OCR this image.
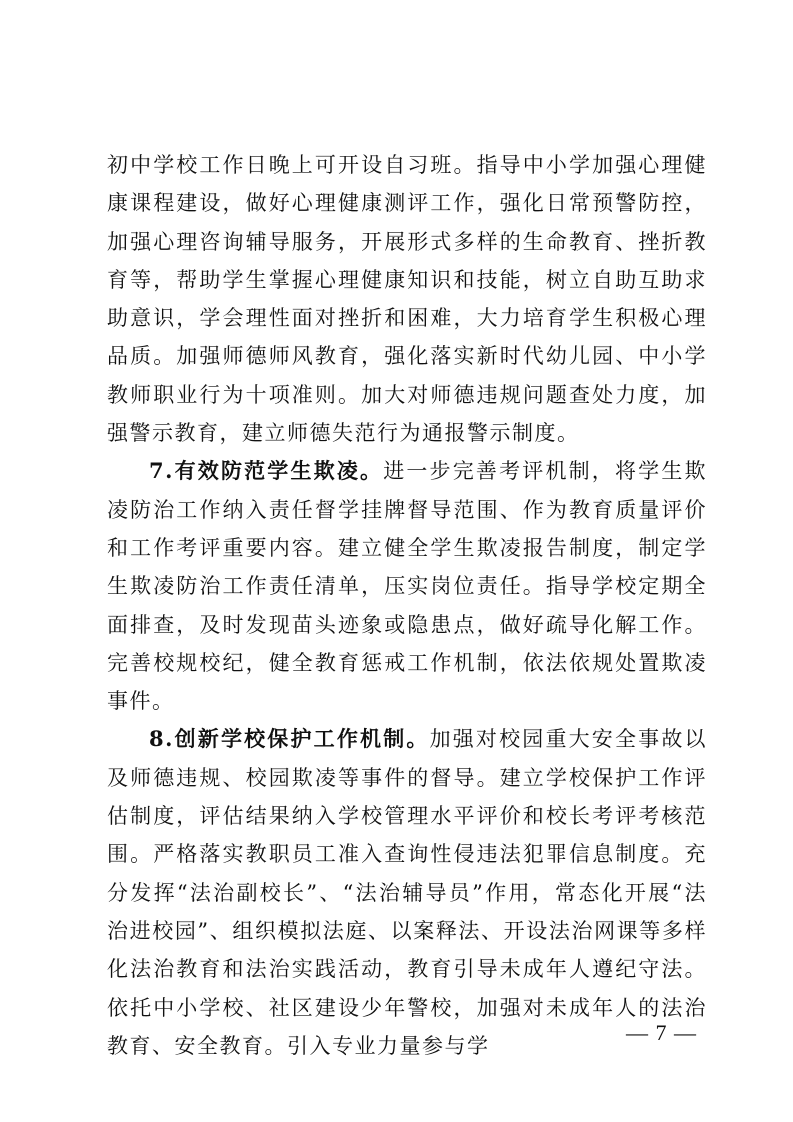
初中学校工作日晚上可开设自习班。指导中小学加强心理健康课程建设，做好心理健康测评工作，强化日常预警防控，加强心理咨询辅导服务，开展形式多样的生命教育、挫折教育等，帮助学生掌握心理健康知识和技能，树立自助互助求助意识，学会理性面对挫折和困难，大力培育学生积极心理品质。加强师德师风教育，强化落实新时代幼儿园、中小学教师职业行为十项准则。加大对师德违规问题查处力度，加强警示教育，建立师德失范行为通报警示制度。

7.有效防范学生欺凌。进一步完善考评机制，将学生欺凌防治工作纳入责任督学挂牌督导范围、作为教育质量评价和工作考评重要内容。建立健全学生欺凌报告制度，制定学生欺凌防治工作责任清单，压实岗位责任。指导学校定期全面排查，及时发现苗头迹象或隐患点，做好疏导化解工作。完善校规校纪，健全教育惩戒工作机制，依法依规处置欺凌事件。

8.创新学校保护工作机制。加强对校园重大安全事故以及师德违规、校园欺凌等事件的督导。建立学校保护工作评估制度，评估结果纳入学校管理水平评价和校长考评考核范围。严格落实教职员工准入查询性侵违法犯罪信息制度。充分发挥“法治副校长”、“法治辅导员”作用，常态化开展“法治进校园”、组织模拟法庭、以案释法、开设法治网课等多样化法治教育和法治实践活动，教育引导未成年人遵纪守法。依托中小学校、社区建设少年警校，加强对未成年人的法治教育、安全教育。引入专业力量参与学

— 7 —
